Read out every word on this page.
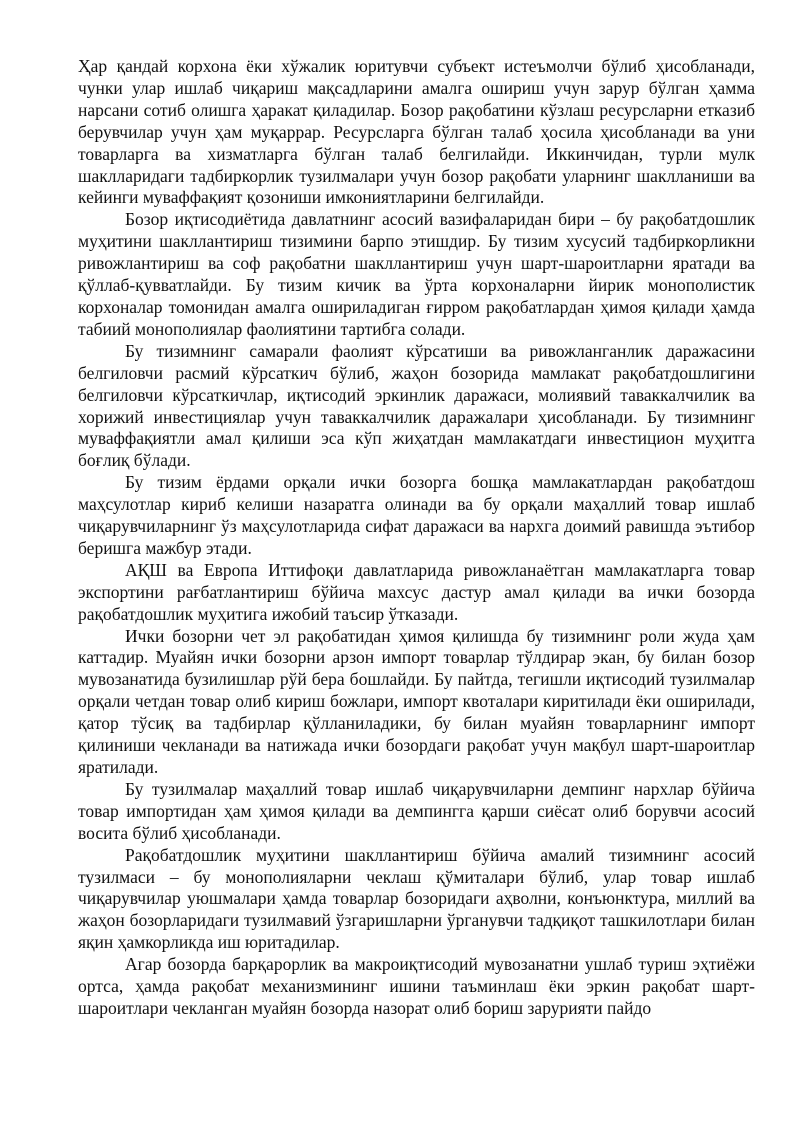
Ҳар қандай корхона ёки хўжалик юритувчи субъект истеъмолчи бўлиб ҳисобланади, чунки улар ишлаб чиқариш мақсадларини амалга ошириш учун зарур бўлган ҳамма нарсани сотиб олишга ҳаракат қиладилар. Бозор рақобатини кўзлаш ресурсларни етказиб берувчилар учун ҳам муқаррар. Ресурсларга бўлган талаб ҳосила ҳисобланади ва уни товарларга ва хизматларга бўлган талаб белгилайди. Иккинчидан, турли мулк шаклларидаги тадбиркорлик тузилмалари учун бозор рақобати уларнинг шаклланиши ва кейинги муваффақият қозониши имкониятларини белгилайди.

Бозор иқтисодиётида давлатнинг асосий вазифаларидан бири – бу рақобатдошлик муҳитини шакллантириш тизимини барпо этишдир. Бу тизим хусусий тадбиркорликни ривожлантириш ва соф рақобатни шакллантириш учун шарт-шароитларни яратади ва қўллаб-қувватлайди. Бу тизим кичик ва ўрта корхоналарни йирик монополистик корхоналар томонидан амалга ошириладиган ғирром рақобатлардан ҳимоя қилади ҳамда табиий монополиялар фаолиятини тартибга солади.

Бу тизимнинг самарали фаолият кўрсатиши ва ривожланганлик даражасини белгиловчи расмий кўрсаткич бўлиб, жаҳон бозорида мамлакат рақобатдошлигини белгиловчи кўрсаткичлар, иқтисодий эркинлик даражаси, молиявий таваккалчилик ва хорижий инвестициялар учун таваккалчилик даражалари ҳисобланади. Бу тизимнинг муваффақиятли амал қилиши эса кўп жиҳатдан мамлакатдаги инвестицион муҳитга боғлиқ бўлади.

Бу тизим ёрдами орқали ички бозорга бошқа мамлакатлардан рақобатдош маҳсулотлар кириб келиши назаратга олинади ва бу орқали маҳаллий товар ишлаб чиқарувчиларнинг ўз маҳсулотларида сифат даражаси ва нархга доимий равишда эътибор беришга мажбур этади.

АҚШ ва Европа Иттифоқи давлатларида ривожланаётган мамлакатларга товар экспортини рағбатлантириш бўйича махсус дастур амал қилади ва ички бозорда рақобатдошлик муҳитига ижобий таъсир ўтказади.

Ички бозорни чет эл рақобатидан ҳимоя қилишда бу тизимнинг роли жуда ҳам каттадир. Муайян ички бозорни арзон импорт товарлар тўлдирар экан, бу билан бозор мувозанатида бузилишлар рўй бера бошлайди. Бу пайтда, тегишли иқтисодий тузилмалар орқали четдан товар олиб кириш божлари, импорт квоталари киритилади ёки оширилади, қатор тўсиқ ва тадбирлар қўлланиладики, бу билан муайян товарларнинг импорт қилиниши чекланади ва натижада ички бозордаги рақобат учун мақбул шарт-шароитлар яратилади.

Бу тузилмалар маҳаллий товар ишлаб чиқарувчиларни демпинг нархлар бўйича товар импортидан ҳам ҳимоя қилади ва демпингга қарши сиёсат олиб борувчи асосий восита бўлиб ҳисобланади.

Рақобатдошлик муҳитини шакллантириш бўйича амалий тизимнинг асосий тузилмаси – бу монополияларни чеклаш қўмиталари бўлиб, улар товар ишлаб чиқарувчилар уюшмалари ҳамда товарлар бозоридаги аҳволни, конъюнктура, миллий ва жаҳон бозорларидаги тузилмавий ўзгаришларни ўрганувчи тадқиқот ташкилотлари билан яқин ҳамкорликда иш юритадилар.

Агар бозорда барқарорлик ва макроиқтисодий мувозанатни ушлаб туриш эҳтиёжи ортса, ҳамда рақобат механизмининг ишини таъминлаш ёки эркин рақобат шарт-шароитлари чекланган муайян бозорда назорат олиб бориш зарурияти пайдо
